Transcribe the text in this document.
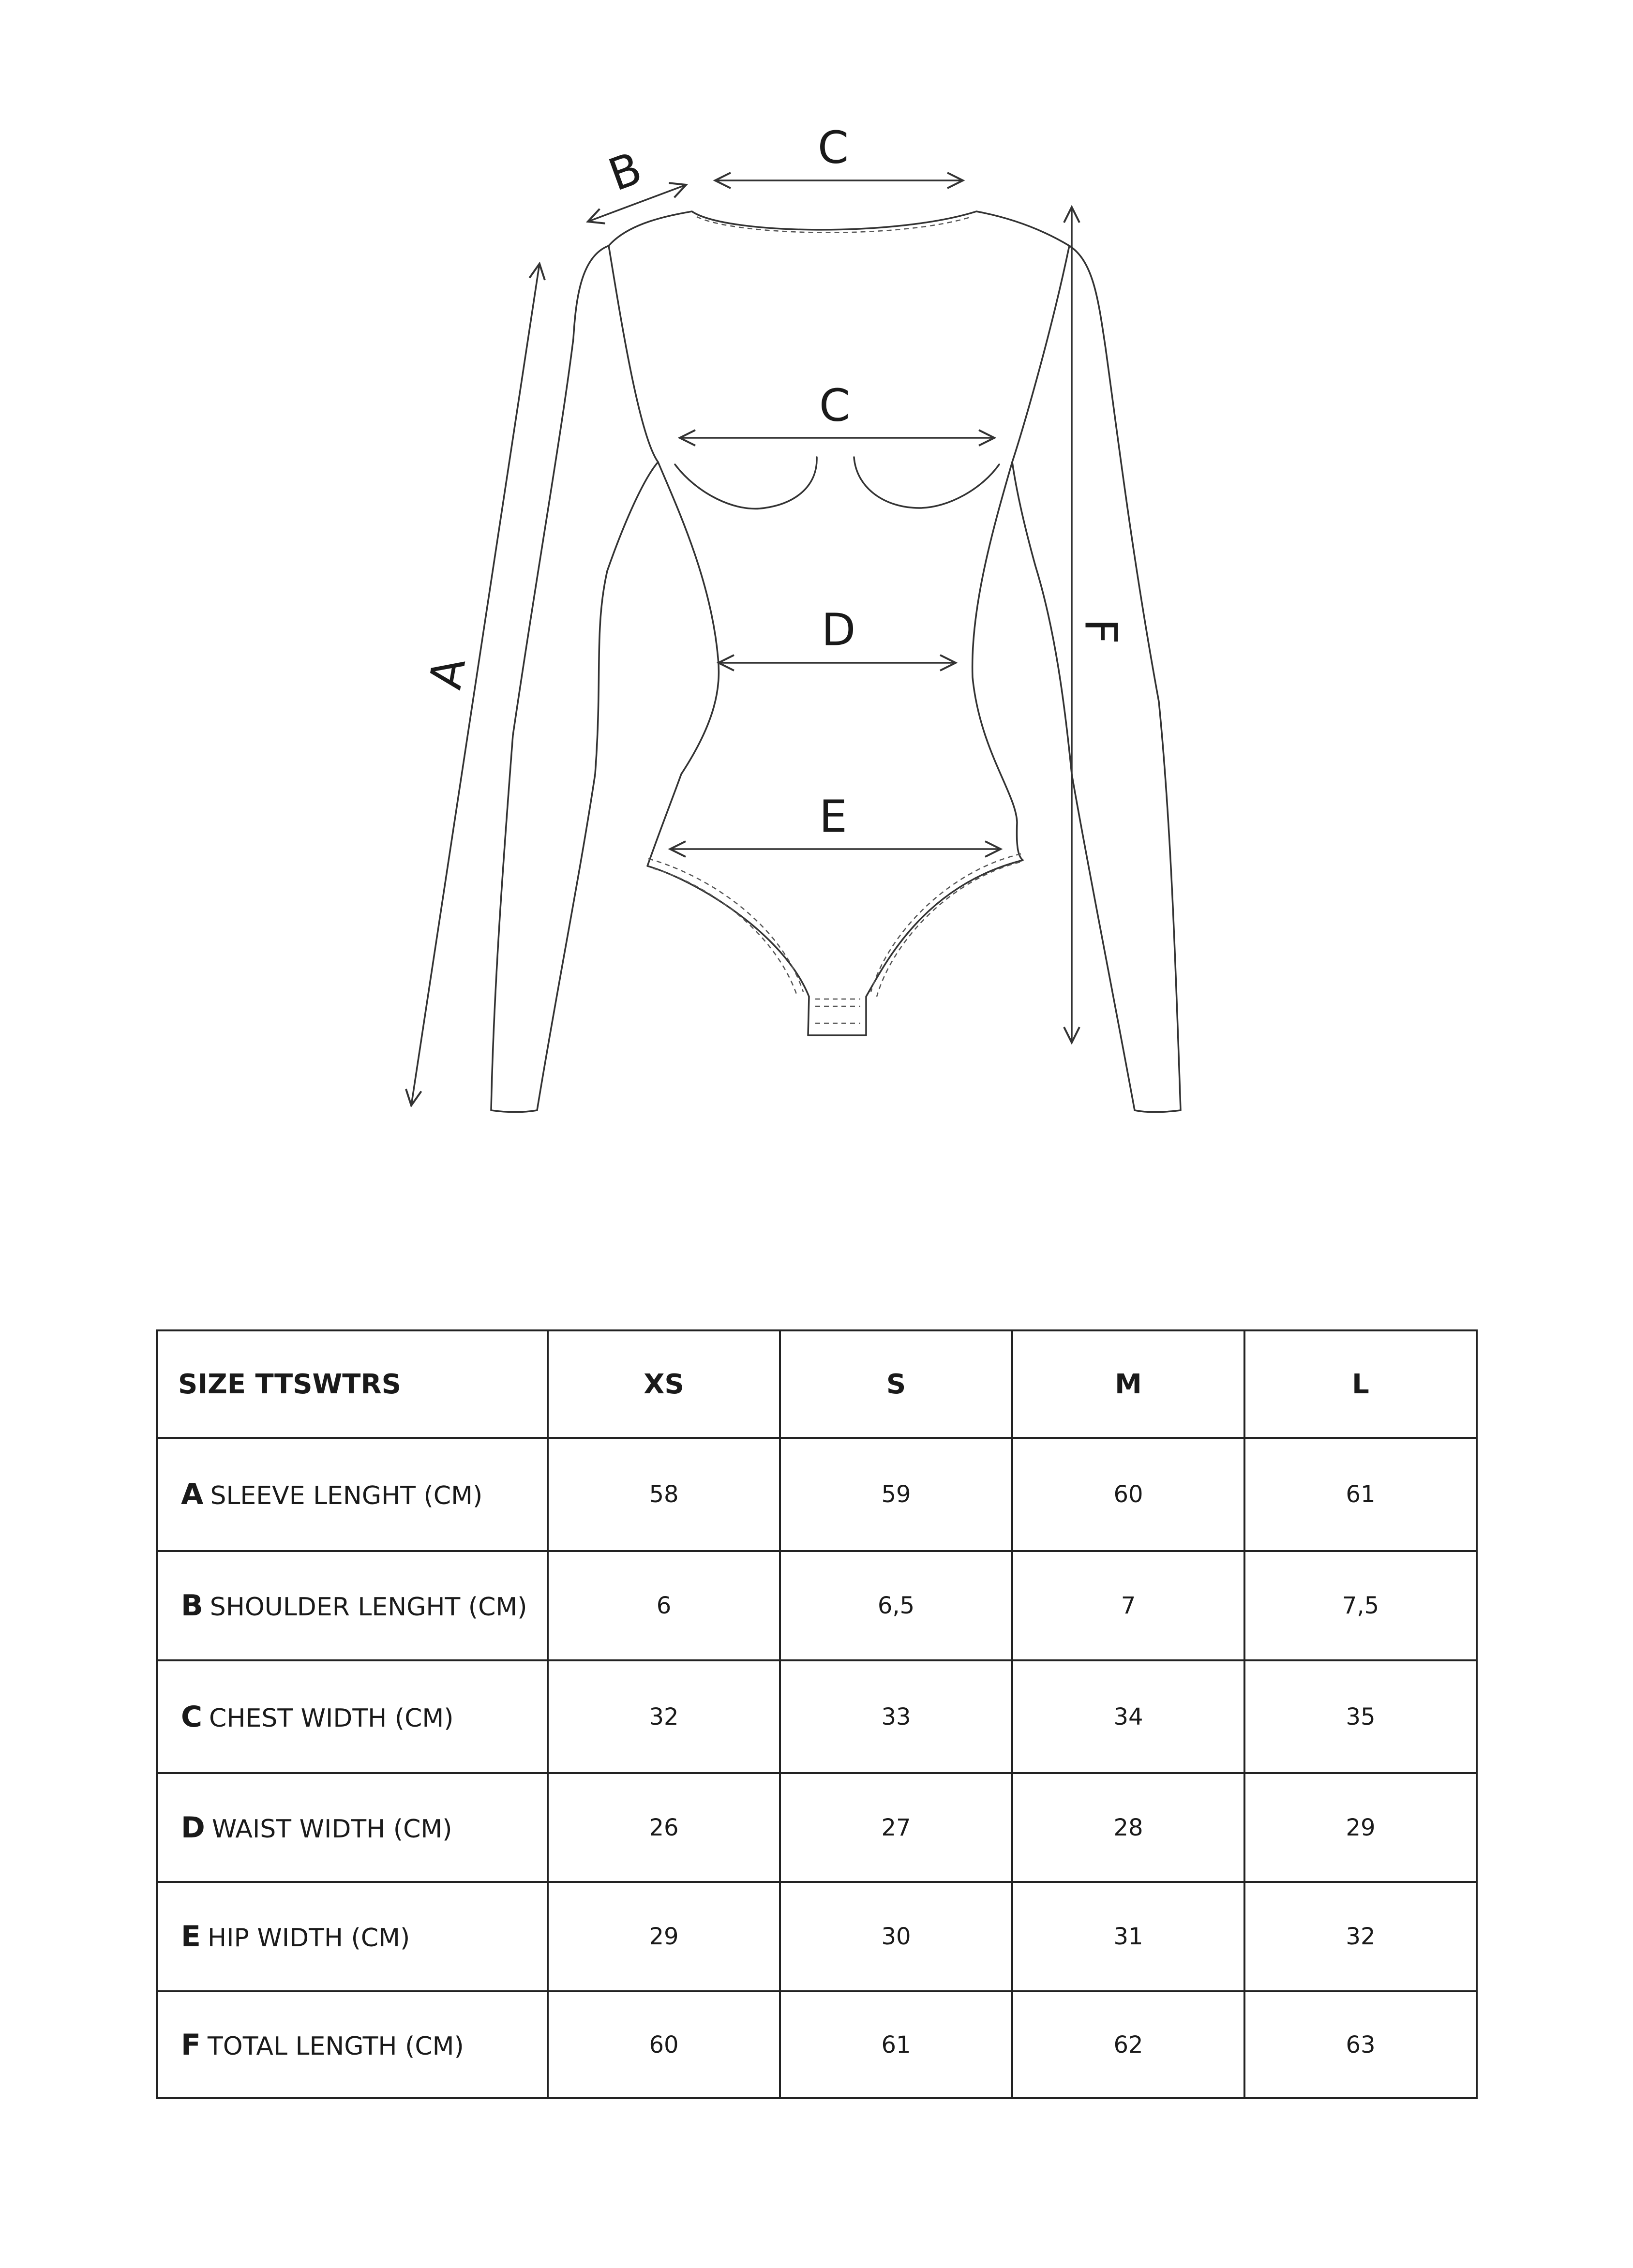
A
B	C
C
D
E
F
SIZE TTSWTRS	XS	S	M	L
A SLEEVE LENGHT (CM)	58	59	60	61
B SHOULDER LENGHT (CM)	6	6,5	7	7,5
C CHEST WIDTH (CM)	32	33	34	35
D WAIST WIDTH (CM)	26	27	28	29
E HIP WIDTH (CM)	29	30	31	32
F TOTAL LENGTH (CM)	60	61	62	63
